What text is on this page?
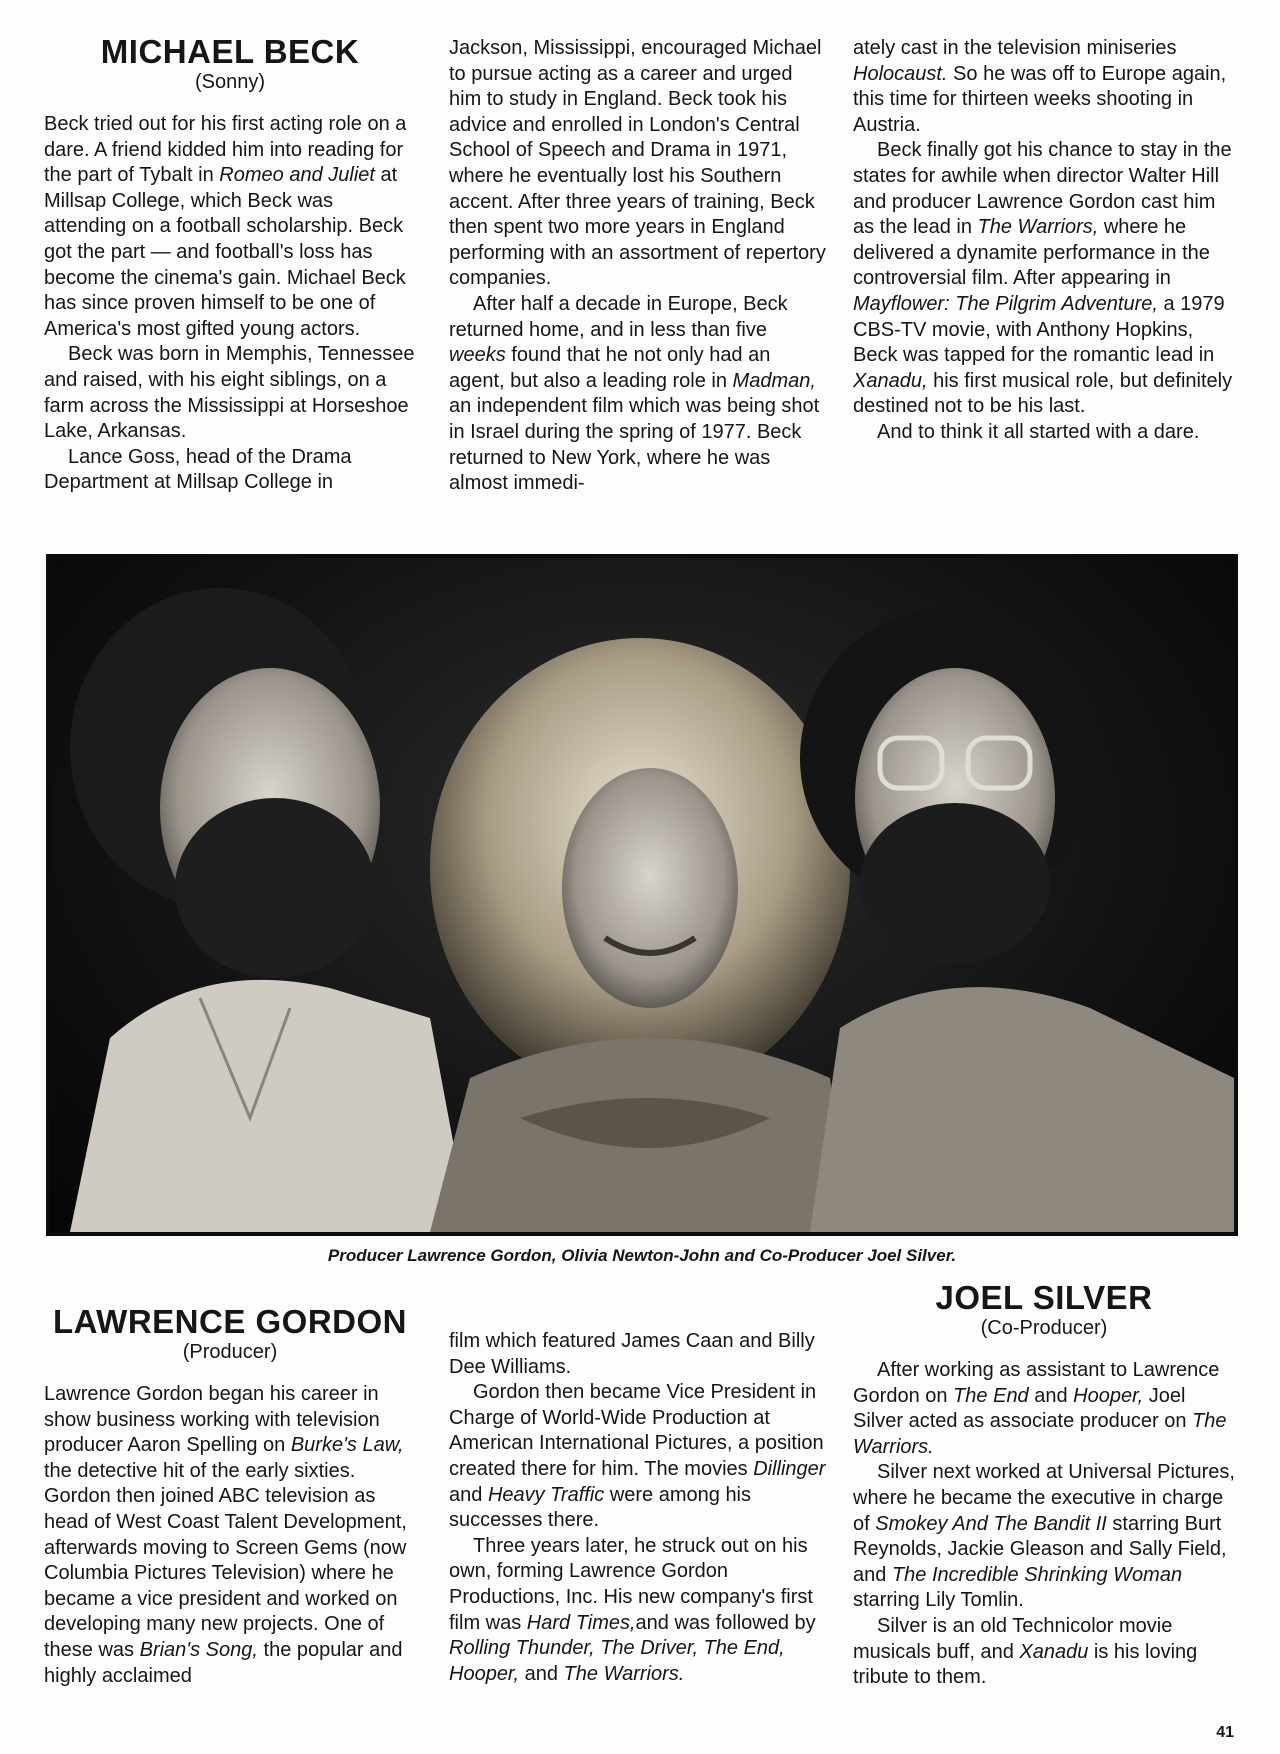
MICHAEL BECK
(Sonny)

Beck tried out for his first acting role on a dare. A friend kidded him into reading for the part of Tybalt in Romeo and Juliet at Millsap College, which Beck was attending on a football scholarship. Beck got the part — and football's loss has become the cinema's gain. Michael Beck has since proven himself to be one of America's most gifted young actors.

Beck was born in Memphis, Tennessee and raised, with his eight siblings, on a farm across the Mississippi at Horseshoe Lake, Arkansas.

Lance Goss, head of the Drama Department at Millsap College in

Jackson, Mississippi, encouraged Michael to pursue acting as a career and urged him to study in England. Beck took his advice and enrolled in London's Central School of Speech and Drama in 1971, where he eventually lost his Southern accent. After three years of training, Beck then spent two more years in England performing with an assortment of repertory companies.

After half a decade in Europe, Beck returned home, and in less than five weeks found that he not only had an agent, but also a leading role in Madman, an independent film which was being shot in Israel during the spring of 1977. Beck returned to New York, where he was almost immedi-

ately cast in the television miniseries Holocaust. So he was off to Europe again, this time for thirteen weeks shooting in Austria.

Beck finally got his chance to stay in the states for awhile when director Walter Hill and producer Lawrence Gordon cast him as the lead in The Warriors, where he delivered a dynamite performance in the controversial film. After appearing in Mayflower: The Pilgrim Adventure, a 1979 CBS-TV movie, with Anthony Hopkins, Beck was tapped for the romantic lead in Xanadu, his first musical role, but definitely destined not to be his last.

And to think it all started with a dare.

Producer Lawrence Gordon, Olivia Newton-John and Co-Producer Joel Silver.
LAWRENCE GORDON
(Producer)

Lawrence Gordon began his career in show business working with television producer Aaron Spelling on Burke's Law, the detective hit of the early sixties. Gordon then joined ABC television as head of West Coast Talent Development, afterwards moving to Screen Gems (now Columbia Pictures Television) where he became a vice president and worked on developing many new projects. One of these was Brian's Song, the popular and highly acclaimed

film which featured James Caan and Billy Dee Williams.

Gordon then became Vice President in Charge of World-Wide Production at American International Pictures, a position created there for him. The movies Dillinger and Heavy Traffic were among his successes there.

Three years later, he struck out on his own, forming Lawrence Gordon Productions, Inc. His new company's first film was Hard Times,and was followed by Rolling Thunder, The Driver, The End, Hooper, and The Warriors.

JOEL SILVER
(Co-Producer)

After working as assistant to Lawrence Gordon on The End and Hooper, Joel Silver acted as associate producer on The Warriors.

Silver next worked at Universal Pictures, where he became the executive in charge of Smokey And The Bandit II starring Burt Reynolds, Jackie Gleason and Sally Field, and The Incredible Shrinking Woman starring Lily Tomlin.

Silver is an old Technicolor movie musicals buff, and Xanadu is his loving tribute to them.

41
